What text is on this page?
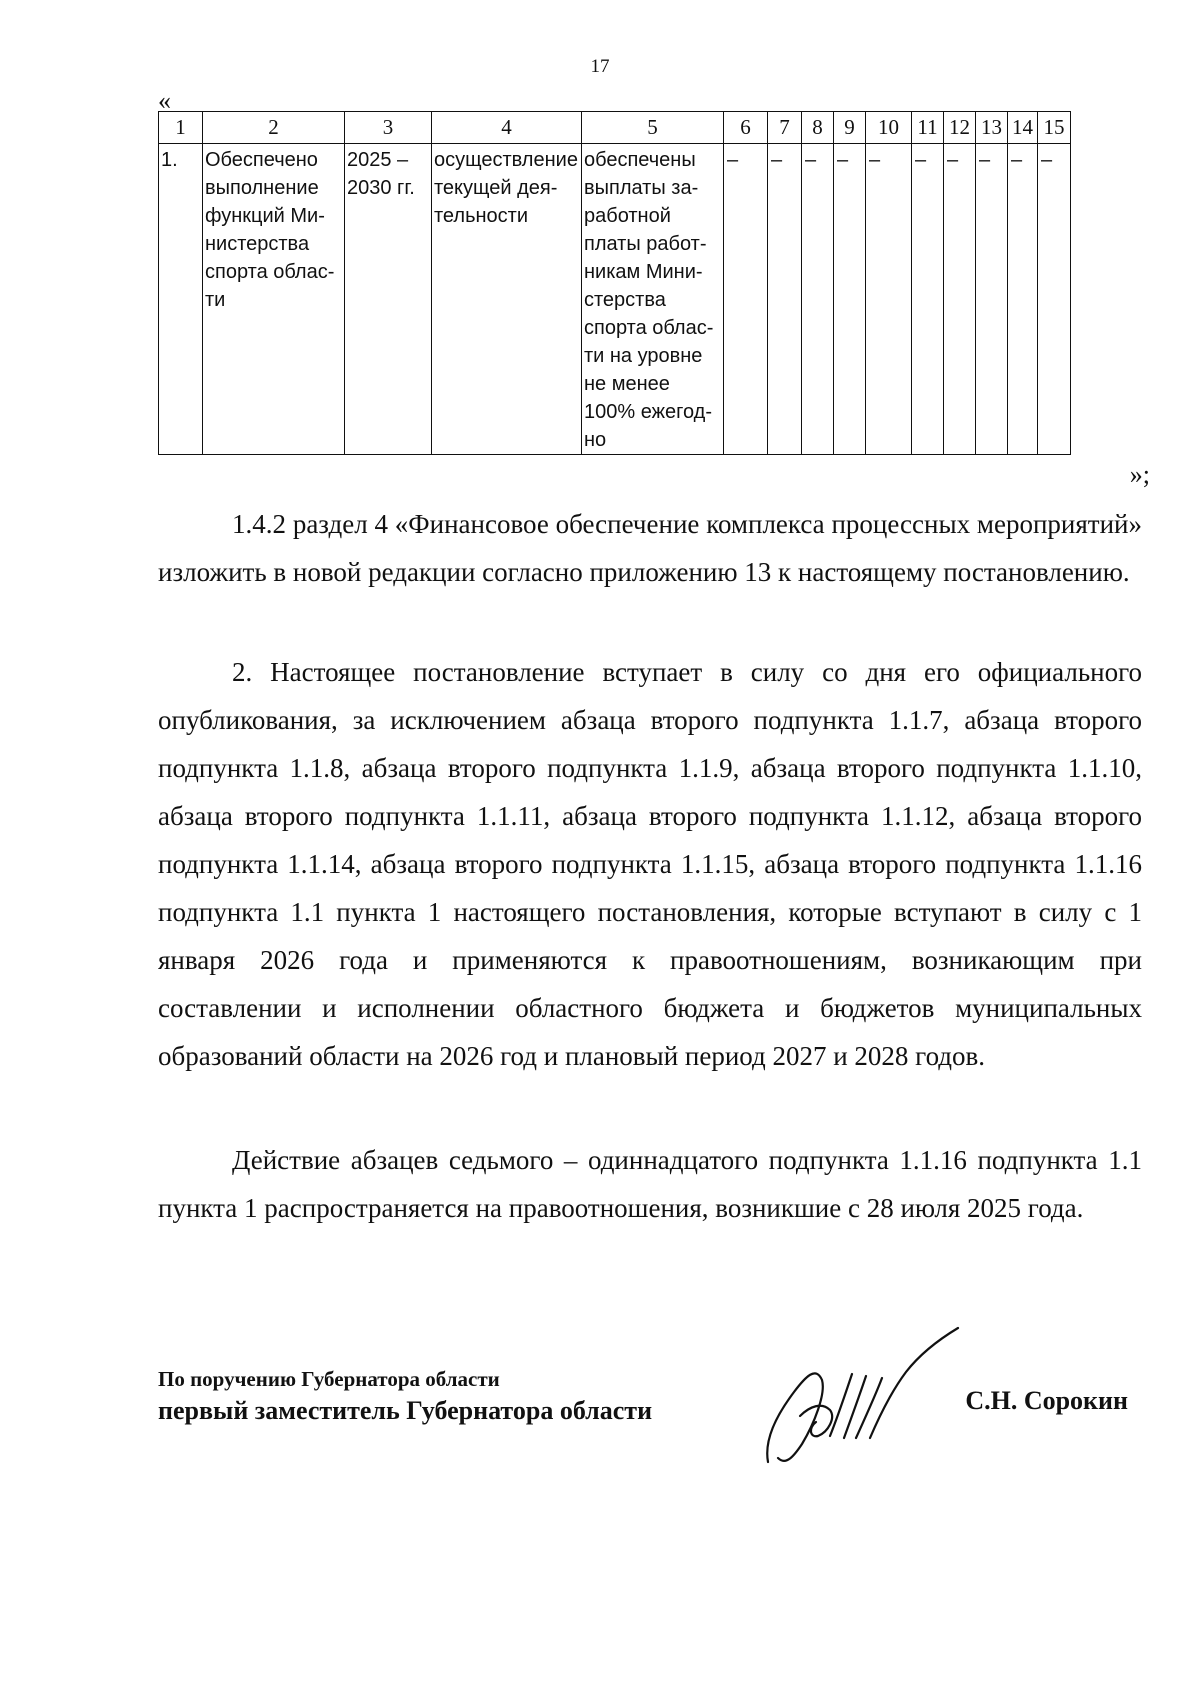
17
«
1	2	3	4	5	6	7	8	9	10	11	12	13	14	15
1.	Обеспечено выполнение функций Министерства спорта области	2025 – 2030 гг.	осуществление текущей деятельности	обеспечены выплаты заработной платы работникам Министерства спорта области на уровне не менее 100% ежегодно	–	–	–	–	–	–	–	–	–	–
»;

1.4.2 раздел 4 «Финансовое обеспечение комплекса процессных мероприятий» изложить в новой редакции согласно приложению 13 к настоящему постановлению.

2. Настоящее постановление вступает в силу со дня его официального опубликования, за исключением абзаца второго подпункта 1.1.7, абзаца второго подпункта 1.1.8, абзаца второго подпункта 1.1.9, абзаца второго подпункта 1.1.10, абзаца второго подпункта 1.1.11, абзаца второго подпункта 1.1.12, абзаца второго подпункта 1.1.14, абзаца второго подпункта 1.1.15, абзаца второго подпункта 1.1.16 подпункта 1.1 пункта 1 настоящего постановления, которые вступают в силу с 1 января 2026 года и применяются к правоотношениям, возникающим при составлении и исполнении областного бюджета и бюджетов муниципальных образований области на 2026 год и плановый период 2027 и 2028 годов.

Действие абзацев седьмого – одиннадцатого подпункта 1.1.16 подпункта 1.1 пункта 1 распространяется на правоотношения, возникшие с 28 июля 2025 года.

По поручению Губернатора области
первый заместитель Губернатора области	С.Н. Сорокин
